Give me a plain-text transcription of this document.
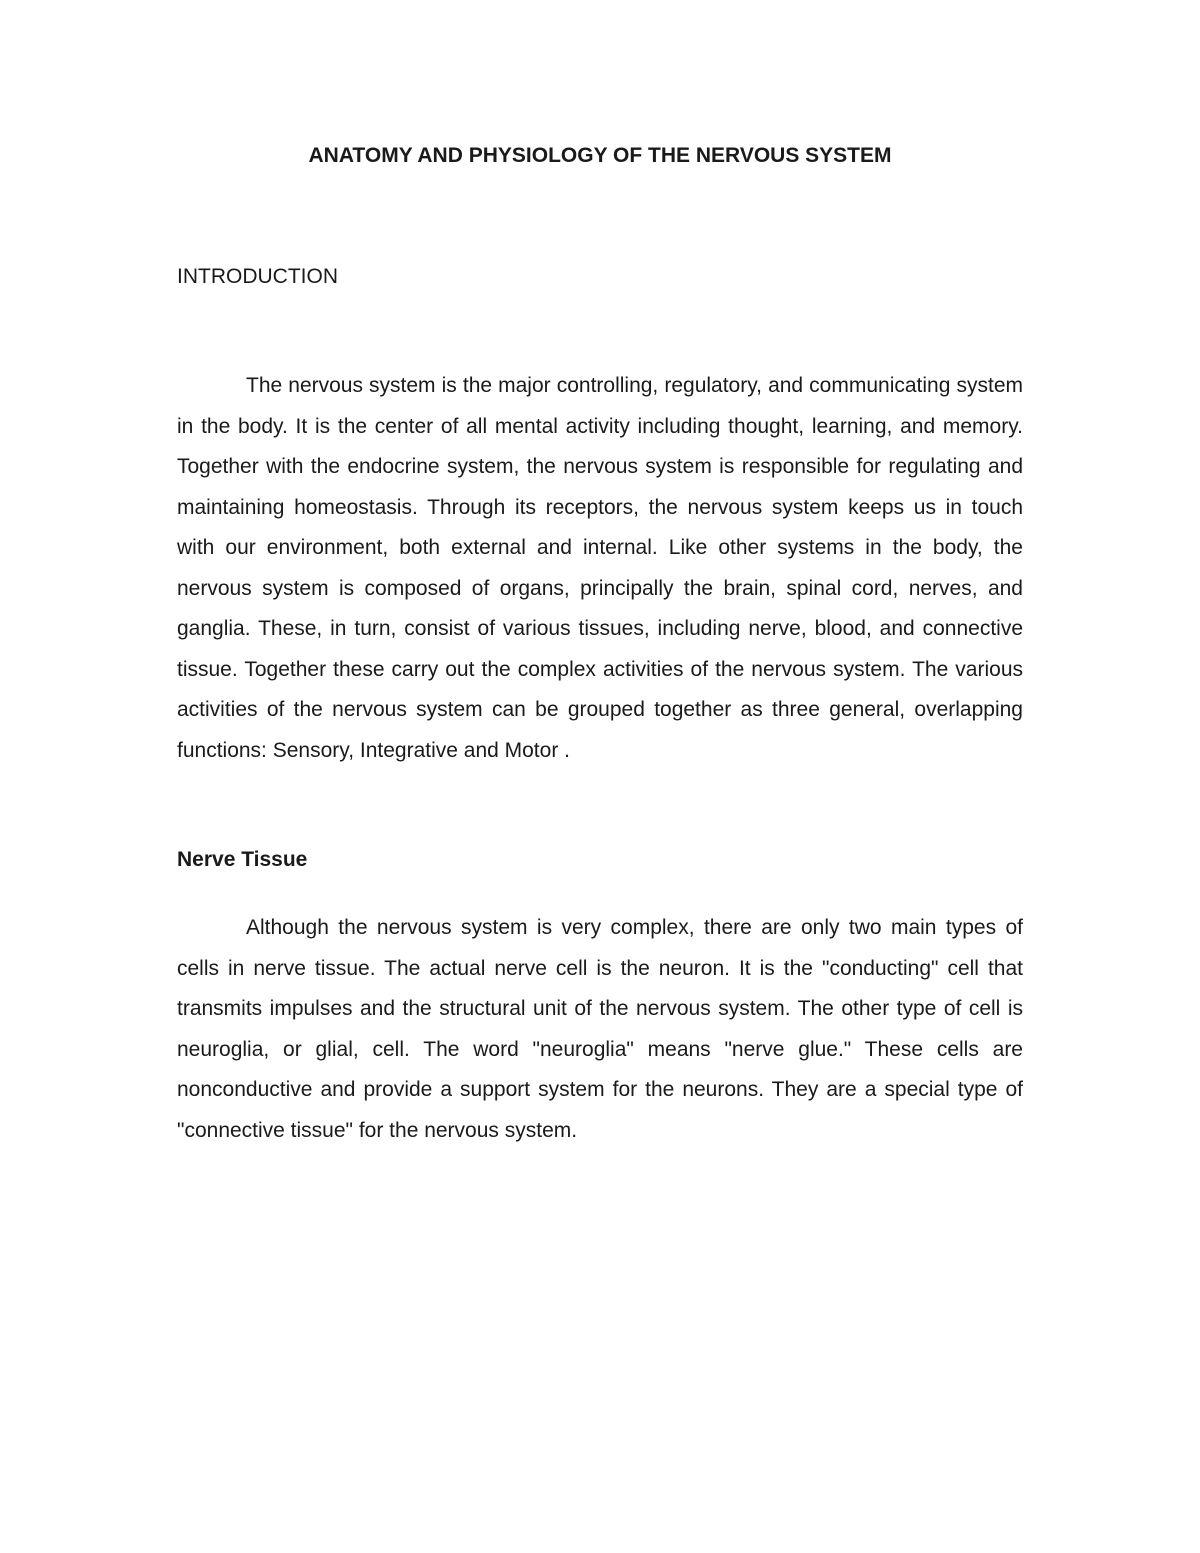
ANATOMY AND PHYSIOLOGY OF THE NERVOUS SYSTEM
INTRODUCTION

The nervous system is the major controlling, regulatory, and communicating system in the body. It is the center of all mental activity including thought, learning, and memory. Together with the endocrine system, the nervous system is responsible for regulating and maintaining homeostasis. Through its receptors, the nervous system keeps us in touch with our environment, both external and internal. Like other systems in the body, the nervous system is composed of organs, principally the brain, spinal cord, nerves, and ganglia. These, in turn, consist of various tissues, including nerve, blood, and connective tissue. Together these carry out the complex activities of the nervous system. The various activities of the nervous system can be grouped together as three general, overlapping functions: Sensory, Integrative and Motor .

Nerve Tissue

Although the nervous system is very complex, there are only two main types of cells in nerve tissue. The actual nerve cell is the neuron. It is the "conducting" cell that transmits impulses and the structural unit of the nervous system. The other type of cell is neuroglia, or glial, cell. The word "neuroglia" means "nerve glue." These cells are nonconductive and provide a support system for the neurons. They are a special type of "connective tissue" for the nervous system.
